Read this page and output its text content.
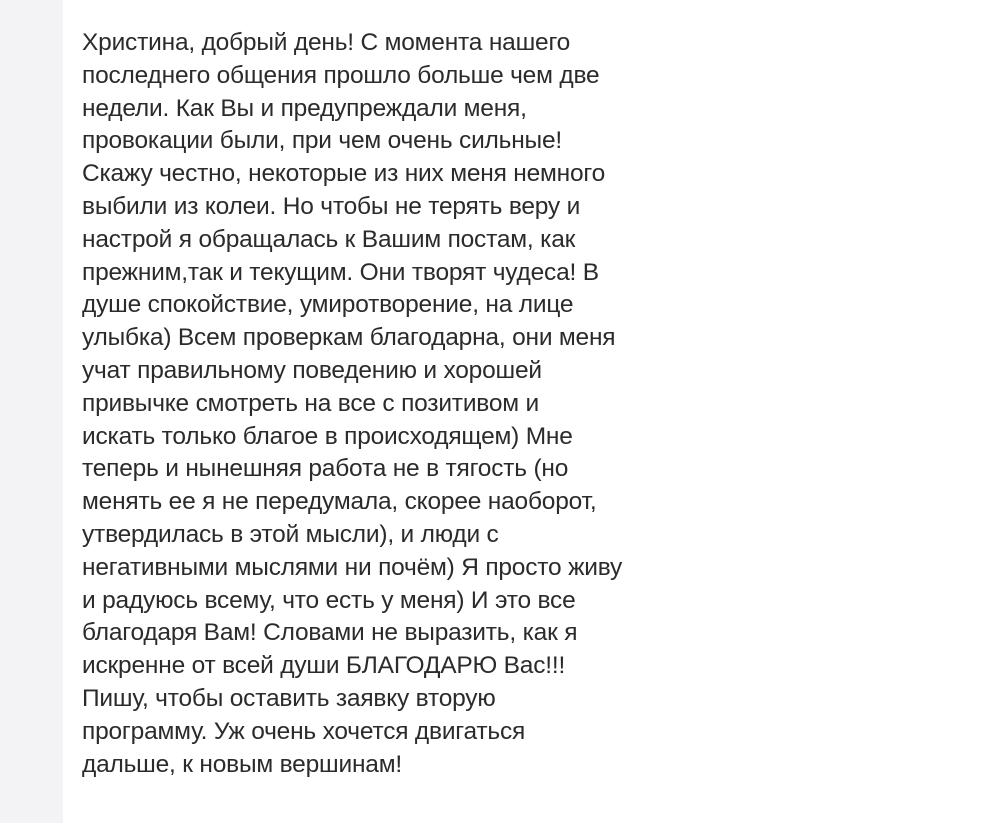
Христина, добрый день! С момента нашего
последнего общения прошло больше чем две
недели. Как Вы и предупреждали меня,
провокации были, при чем очень сильные!
Скажу честно, некоторые из них меня немного
выбили из колеи. Но чтобы не терять веру и
настрой я обращалась к Вашим постам, как
прежним,так и текущим. Они творят чудеса! В
душе спокойствие, умиротворение, на лице
улыбка) Всем проверкам благодарна, они меня
учат правильному поведению и хорошей
привычке смотреть на все с позитивом и
искать только благое в происходящем) Мне
теперь и нынешняя работа не в тягость (но
менять ее я не передумала, скорее наоборот,
утвердилась в этой мысли), и люди с
негативными мыслями ни почём) Я просто живу
и радуюсь всему, что есть у меня) И это все
благодаря Вам! Словами не выразить, как я
искренне от всей души БЛАГОДАРЮ Вас!!!
Пишу, чтобы оставить заявку вторую
программу. Уж очень хочется двигаться
дальше, к новым вершинам!
